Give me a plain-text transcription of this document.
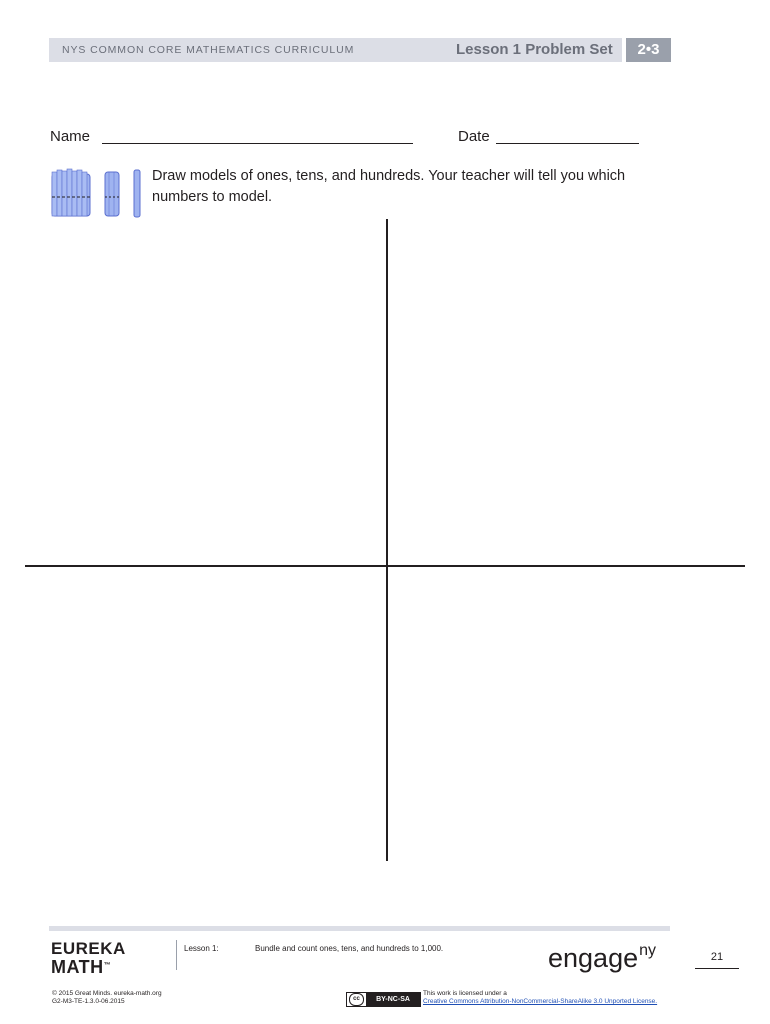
NYS COMMON CORE MATHEMATICS CURRICULUM	Lesson 1 Problem Set	2•3
Name	Date
Draw models of ones, tens, and hundreds. Your teacher will tell you which numbers to model.
EUREKA
MATH™
Lesson 1:	Bundle and count ones, tens, and hundreds to 1,000.	engage$^{ny}$	21
© 2015 Great Minds. eureka-math.org
G2-M3-TE-1.3.0-06.2015	cc	BY-NC-SA
This work is licensed under a
Creative Commons Attribution-NonCommercial-ShareAlike 3.0 Unported License.
